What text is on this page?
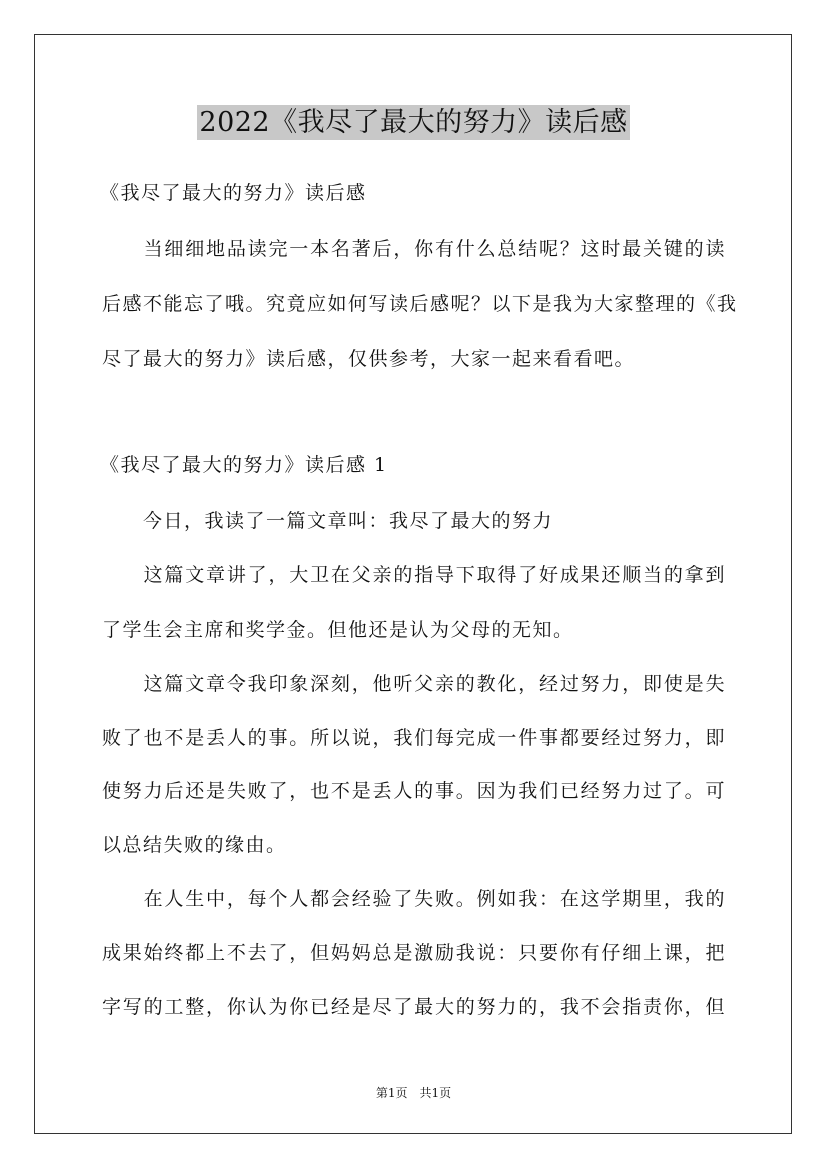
2022《我尽了最大的努力》读后感
《我尽了最大的努力》读后感
　　当细细地品读完一本名著后，你有什么总结呢？这时最关键的读
后感不能忘了哦。究竟应如何写读后感呢？以下是我为大家整理的《我
尽了最大的努力》读后感，仅供参考，大家一起来看看吧。
《我尽了最大的努力》读后感 1
　　今日，我读了一篇文章叫：我尽了最大的努力
　　这篇文章讲了，大卫在父亲的指导下取得了好成果还顺当的拿到
了学生会主席和奖学金。但他还是认为父母的无知。
　　这篇文章令我印象深刻，他听父亲的教化，经过努力，即使是失
败了也不是丢人的事。所以说，我们每完成一件事都要经过努力，即
使努力后还是失败了，也不是丢人的事。因为我们已经努力过了。可
以总结失败的缘由。
　　在人生中，每个人都会经验了失败。例如我：在这学期里，我的
成果始终都上不去了，但妈妈总是激励我说：只要你有仔细上课，把
字写的工整，你认为你已经是尽了最大的努力的，我不会指责你，但
第1页　共1页
